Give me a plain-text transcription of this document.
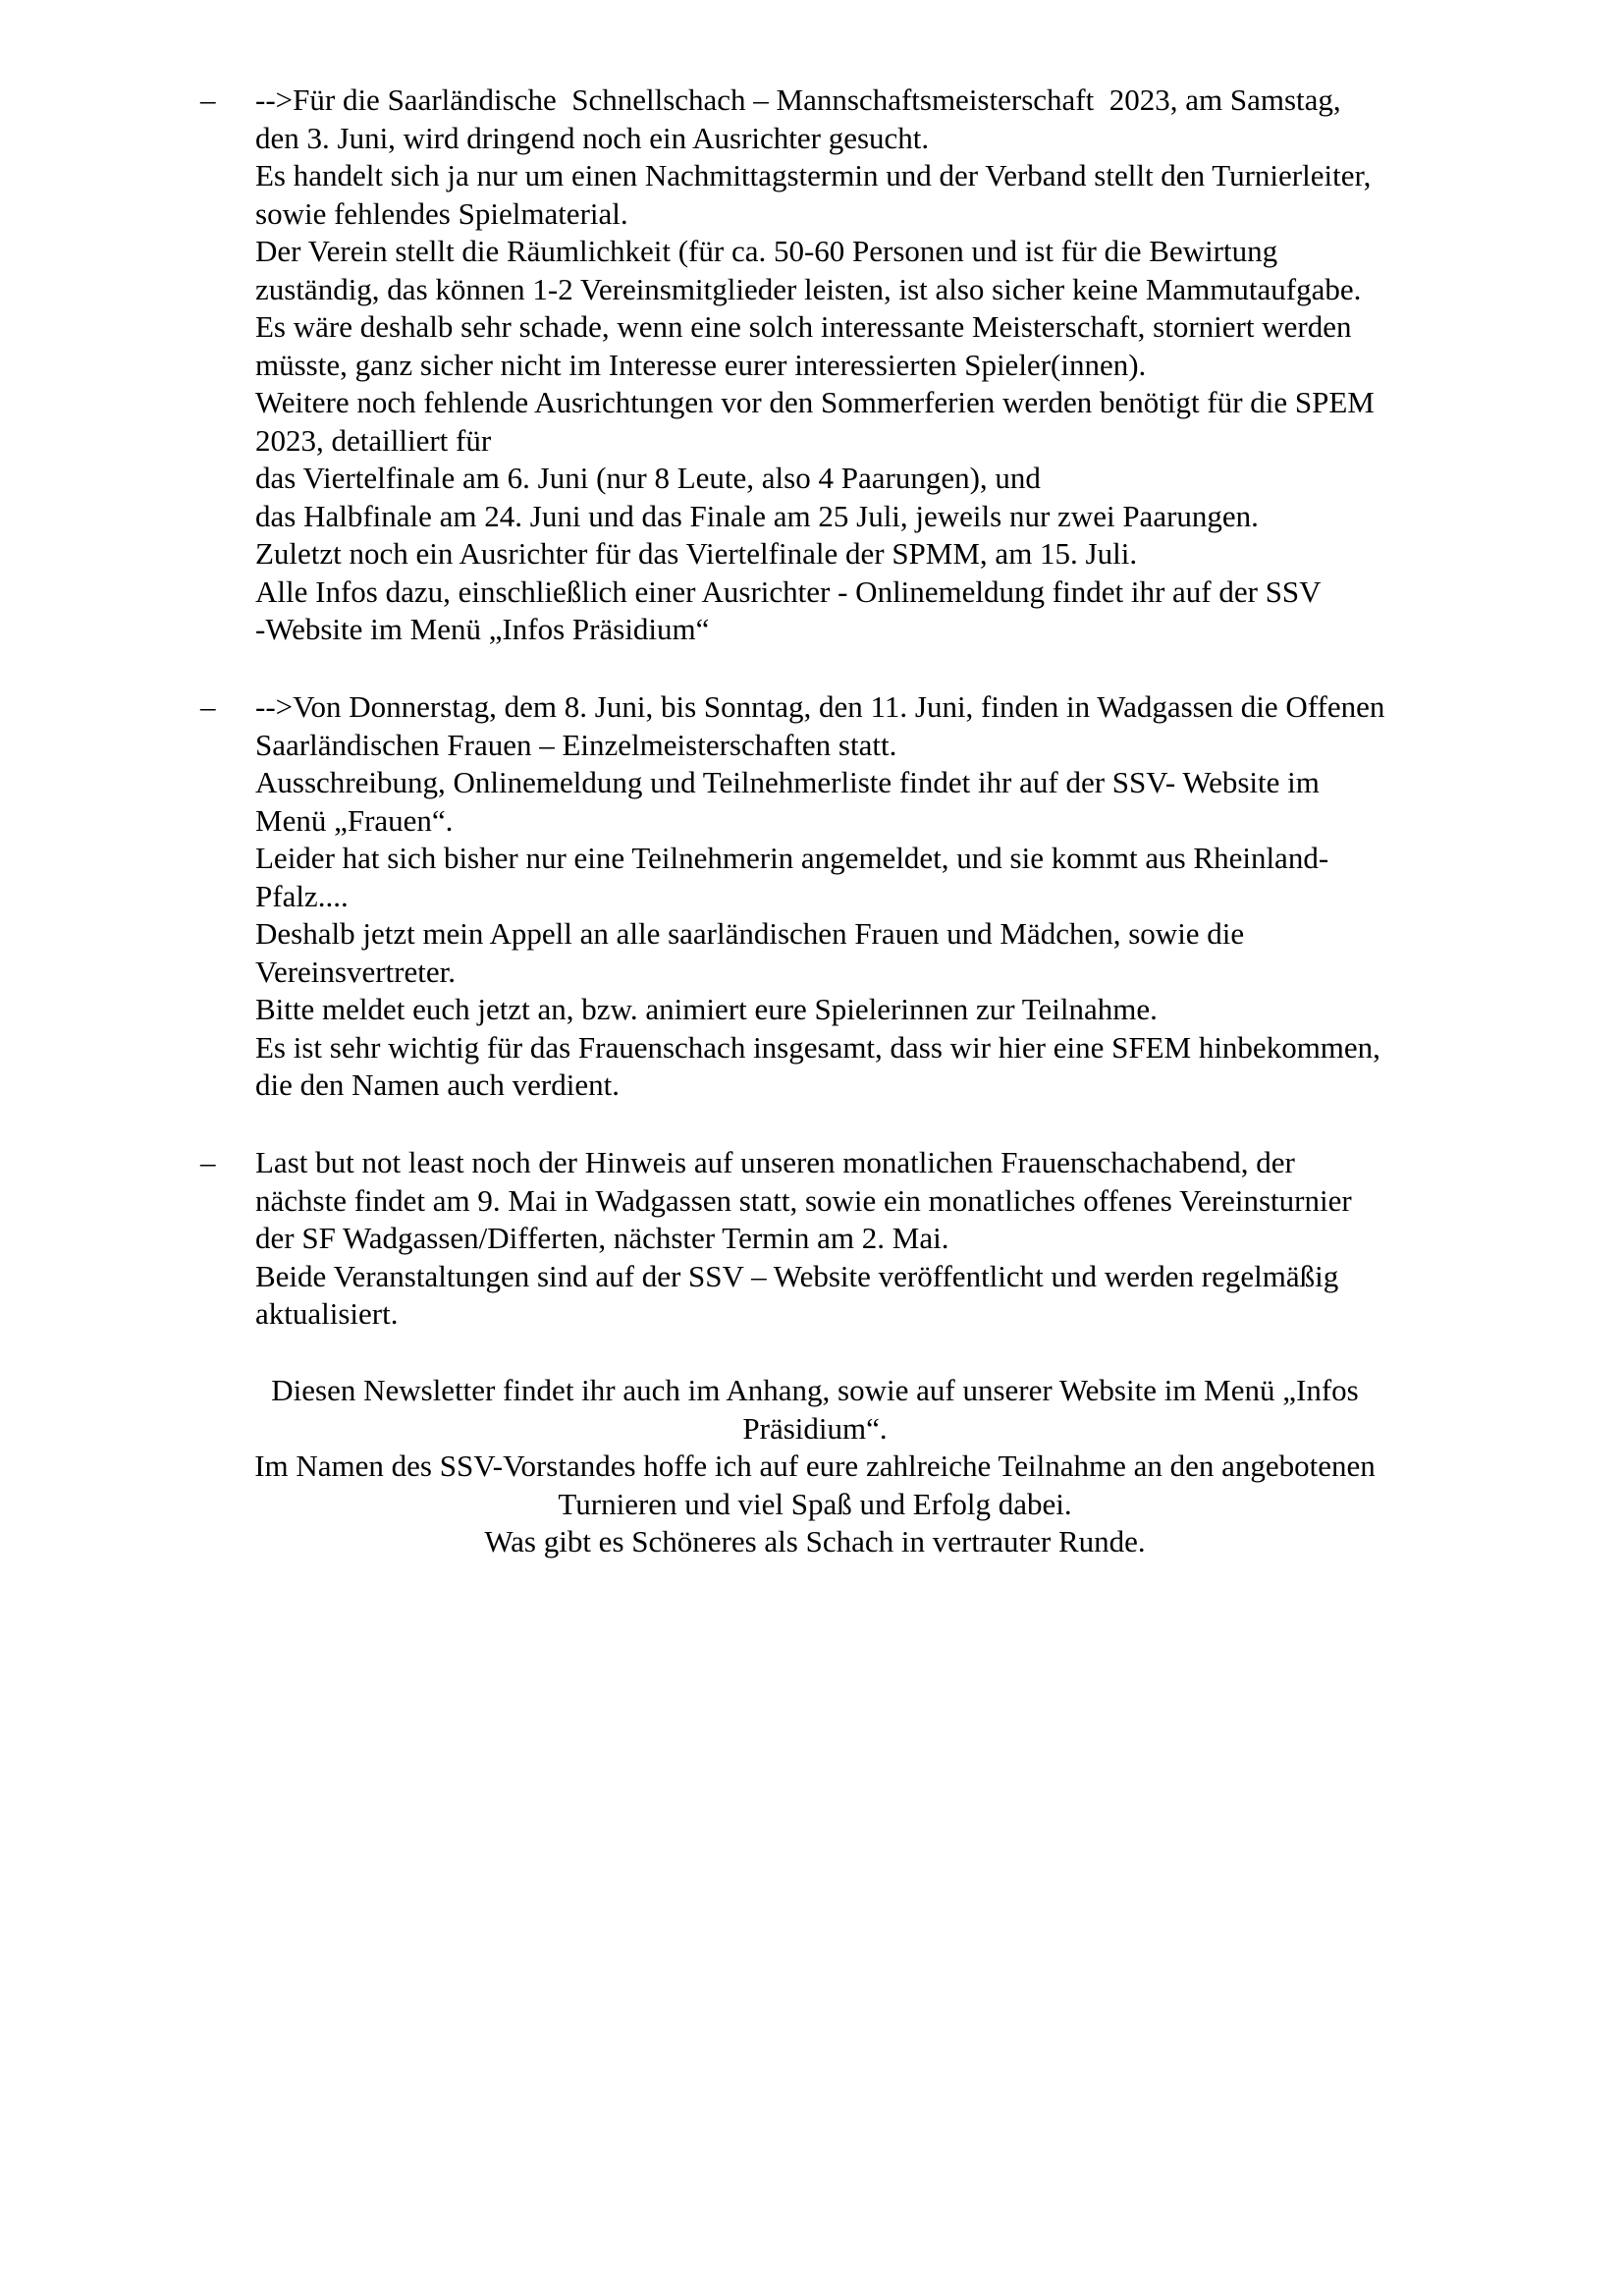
–	-->Für die Saarländische  Schnellschach – Mannschaftsmeisterschaft  2023, am Samstag,
den 3. Juni, wird dringend noch ein Ausrichter gesucht.
Es handelt sich ja nur um einen Nachmittagstermin und der Verband stellt den Turnierleiter,
sowie fehlendes Spielmaterial.
Der Verein stellt die Räumlichkeit (für ca. 50-60 Personen und ist für die Bewirtung
zuständig, das können 1-2 Vereinsmitglieder leisten, ist also sicher keine Mammutaufgabe.
Es wäre deshalb sehr schade, wenn eine solch interessante Meisterschaft, storniert werden
müsste, ganz sicher nicht im Interesse eurer interessierten Spieler(innen).
Weitere noch fehlende Ausrichtungen vor den Sommerferien werden benötigt für die SPEM
2023, detailliert für
das Viertelfinale am 6. Juni (nur 8 Leute, also 4 Paarungen), und
das Halbfinale am 24. Juni und das Finale am 25 Juli, jeweils nur zwei Paarungen.
Zuletzt noch ein Ausrichter für das Viertelfinale der SPMM, am 15. Juli.
Alle Infos dazu, einschließlich einer Ausrichter - Onlinemeldung findet ihr auf der SSV
-Website im Menü „Infos Präsidium“
–	-->Von Donnerstag, dem 8. Juni, bis Sonntag, den 11. Juni, finden in Wadgassen die Offenen
Saarländischen Frauen – Einzelmeisterschaften statt.
Ausschreibung, Onlinemeldung und Teilnehmerliste findet ihr auf der SSV- Website im
Menü „Frauen“.
Leider hat sich bisher nur eine Teilnehmerin angemeldet, und sie kommt aus Rheinland-
Pfalz....
Deshalb jetzt mein Appell an alle saarländischen Frauen und Mädchen, sowie die
Vereinsvertreter.
Bitte meldet euch jetzt an, bzw. animiert eure Spielerinnen zur Teilnahme.
Es ist sehr wichtig für das Frauenschach insgesamt, dass wir hier eine SFEM hinbekommen,
die den Namen auch verdient.
–	Last but not least noch der Hinweis auf unseren monatlichen Frauenschachabend, der
nächste findet am 9. Mai in Wadgassen statt, sowie ein monatliches offenes Vereinsturnier
der SF Wadgassen/Differten, nächster Termin am 2. Mai.
Beide Veranstaltungen sind auf der SSV – Website veröffentlicht und werden regelmäßig
aktualisiert.
Diesen Newsletter findet ihr auch im Anhang, sowie auf unserer Website im Menü „Infos
Präsidium“.
Im Namen des SSV-Vorstandes hoffe ich auf eure zahlreiche Teilnahme an den angebotenen
Turnieren und viel Spaß und Erfolg dabei.
Was gibt es Schöneres als Schach in vertrauter Runde.
